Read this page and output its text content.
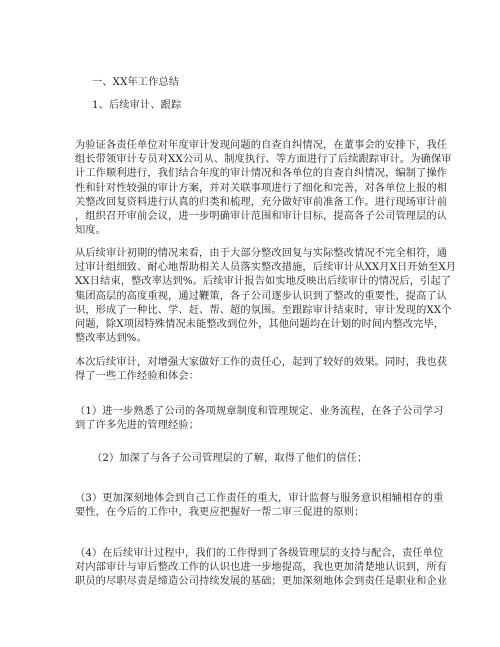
一、XX年工作总结
1、后续审计、跟踪
为验证各责任单位对年度审计发现问题的自查自纠情况，在董事会的安排下，我任
组长带领审计专员对XX公司从、制度执行、等方面进行了后续跟踪审计。为确保审
计工作顺利进行，我们结合年度的审计情况和各单位的自查自纠情况，编制了操作
性和针对性较强的审计方案，并对关联事项进行了细化和完善，对各单位上报的相
关整改回复资料进行认真的归类和梳理，充分做好审前准备工作。进行现场审计前
，组织召开审前会议，进一步明确审计范围和审计目标，提高各子公司管理层的认
知度。
从后续审计初期的情况来看，由于大部分整改回复与实际整改情况不完全相符，通
过审计组细致、耐心地帮助相关人员落实整改措施，后续审计从XX月X日开始至X月
XX日结束，整改率达到%。后续审计报告如实地反映出后续审计的情况后，引起了
集团高层的高度重视，通过鞭策，各子公司逐步认识到了整改的重要性，提高了认
识，形成了一种比、学、赶、帮、超的氛围。至跟踪审计结束时，审计发现的XX个
问题，除X项因特殊情况未能整改到位外，其他问题均在计划的时间内整改完毕，
整改率达到%。
本次后续审计，对增强大家做好工作的责任心，起到了较好的效果。同时，我也获
得了一些工作经验和体会：
（1）进一步熟悉了公司的各项规章制度和管理规定、业务流程，在各子公司学习
到了许多先进的管理经验；
（2）加深了与各子公司管理层的了解，取得了他们的信任；
（3）更加深刻地体会到自己工作责任的重大，审计监督与服务意识相辅相存的重
要性，在今后的工作中，我更应把握好一帮二审三促进的原则；
（4）在后续审计过程中，我们的工作得到了各级管理层的支持与配合，责任单位
对内部审计与审后整改工作的认识也进一步地提高，我也更加清楚地认识到，所有
职员的尽职尽责是缔造公司持续发展的基础；更加深刻地体会到责任是职业和企业
